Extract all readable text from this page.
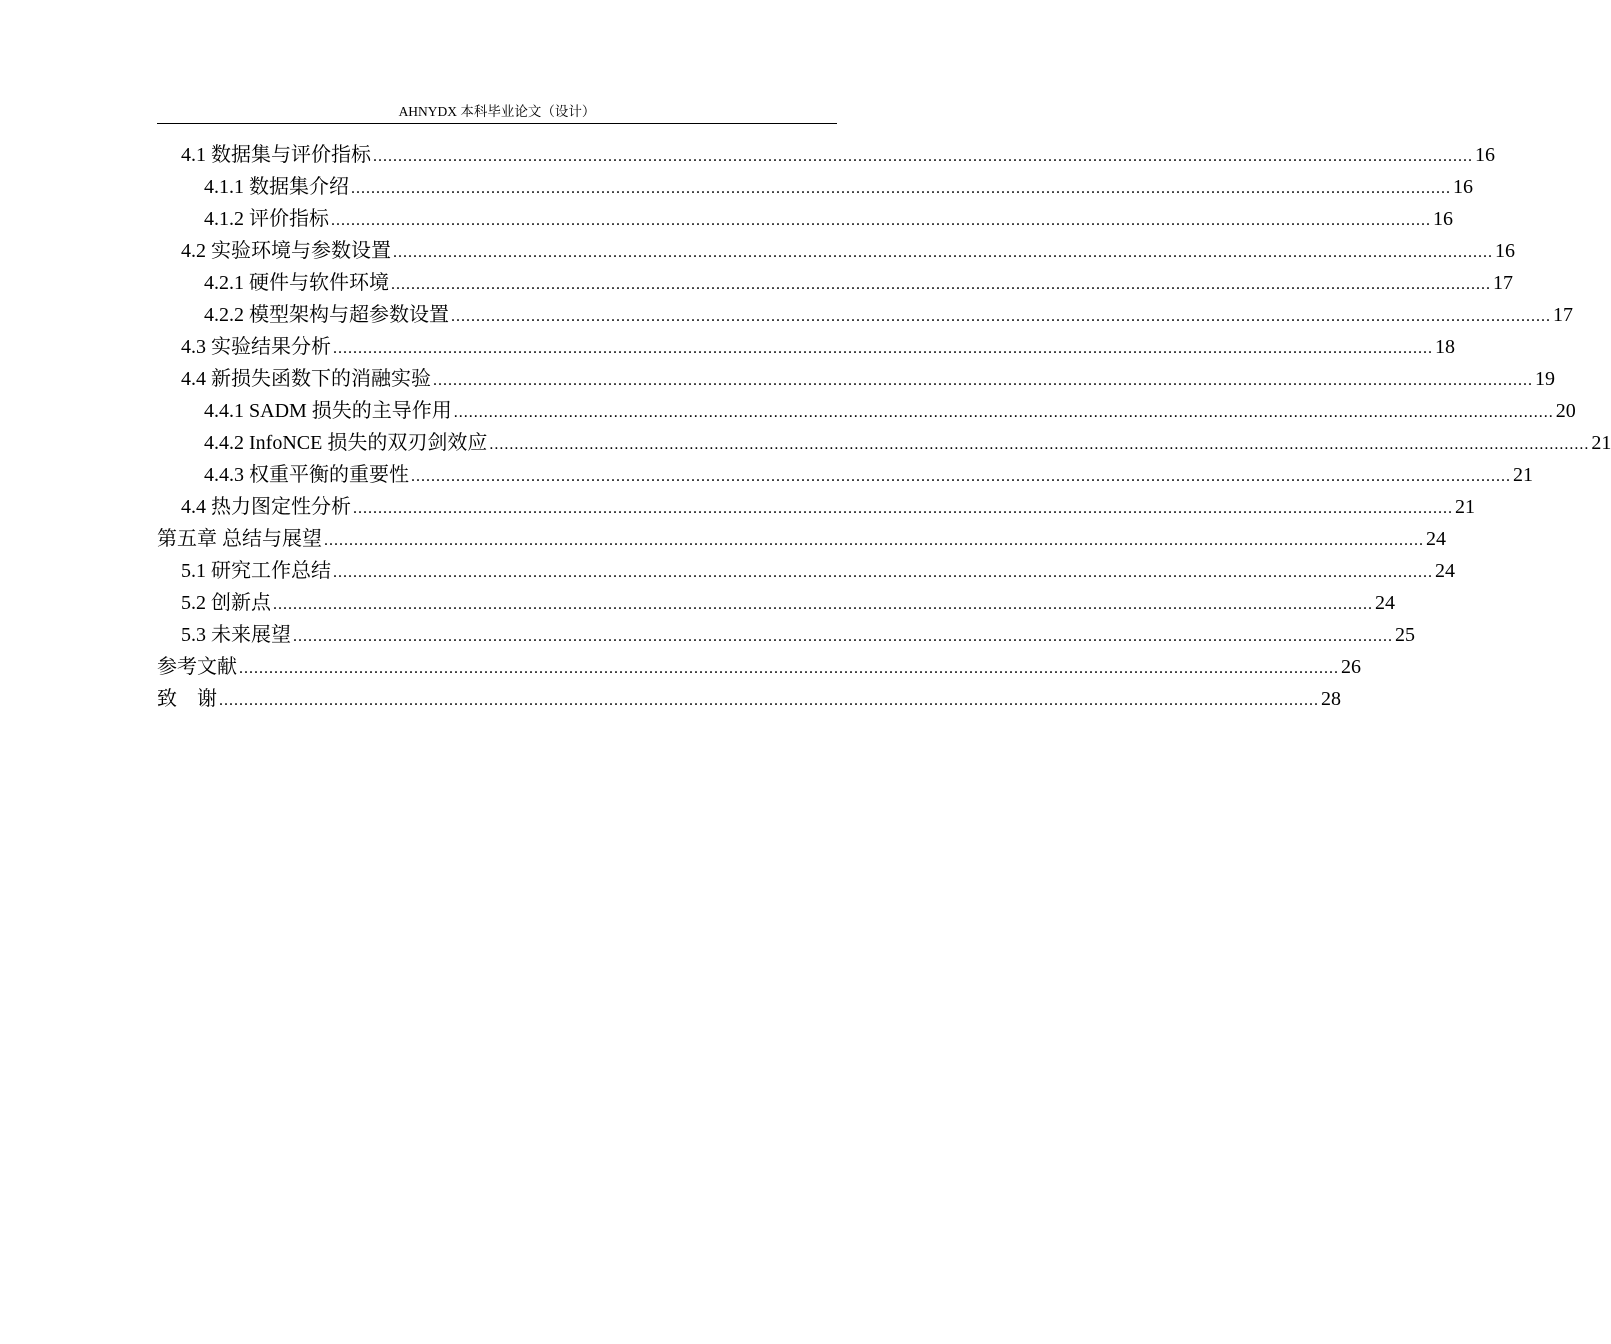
AHNYDX 本科毕业论文（设计）
4.1 数据集与评价指标 ............................................................................................................................................................................................................................ 16
4.1.1 数据集介绍 ............................................................................................................................................................................................................................ 16
4.1.2 评价指标 ............................................................................................................................................................................................................................ 16
4.2 实验环境与参数设置 ............................................................................................................................................................................................................................ 16
4.2.1 硬件与软件环境 ............................................................................................................................................................................................................................ 17
4.2.2 模型架构与超参数设置 ............................................................................................................................................................................................................................ 17
4.3 实验结果分析 ............................................................................................................................................................................................................................ 18
4.4 新损失函数下的消融实验 ............................................................................................................................................................................................................................ 19
4.4.1 SADM 损失的主导作用 ............................................................................................................................................................................................................................ 20
4.4.2 InfoNCE 损失的双刃剑效应 ............................................................................................................................................................................................................................ 21
4.4.3 权重平衡的重要性 ............................................................................................................................................................................................................................ 21
4.4 热力图定性分析 ............................................................................................................................................................................................................................ 21
第五章 总结与展望 ............................................................................................................................................................................................................................ 24
5.1 研究工作总结 ............................................................................................................................................................................................................................ 24
5.2 创新点 ............................................................................................................................................................................................................................ 24
5.3 未来展望 ............................................................................................................................................................................................................................ 25
参考文献 ............................................................................................................................................................................................................................ 26
致    谢 ............................................................................................................................................................................................................................ 28
